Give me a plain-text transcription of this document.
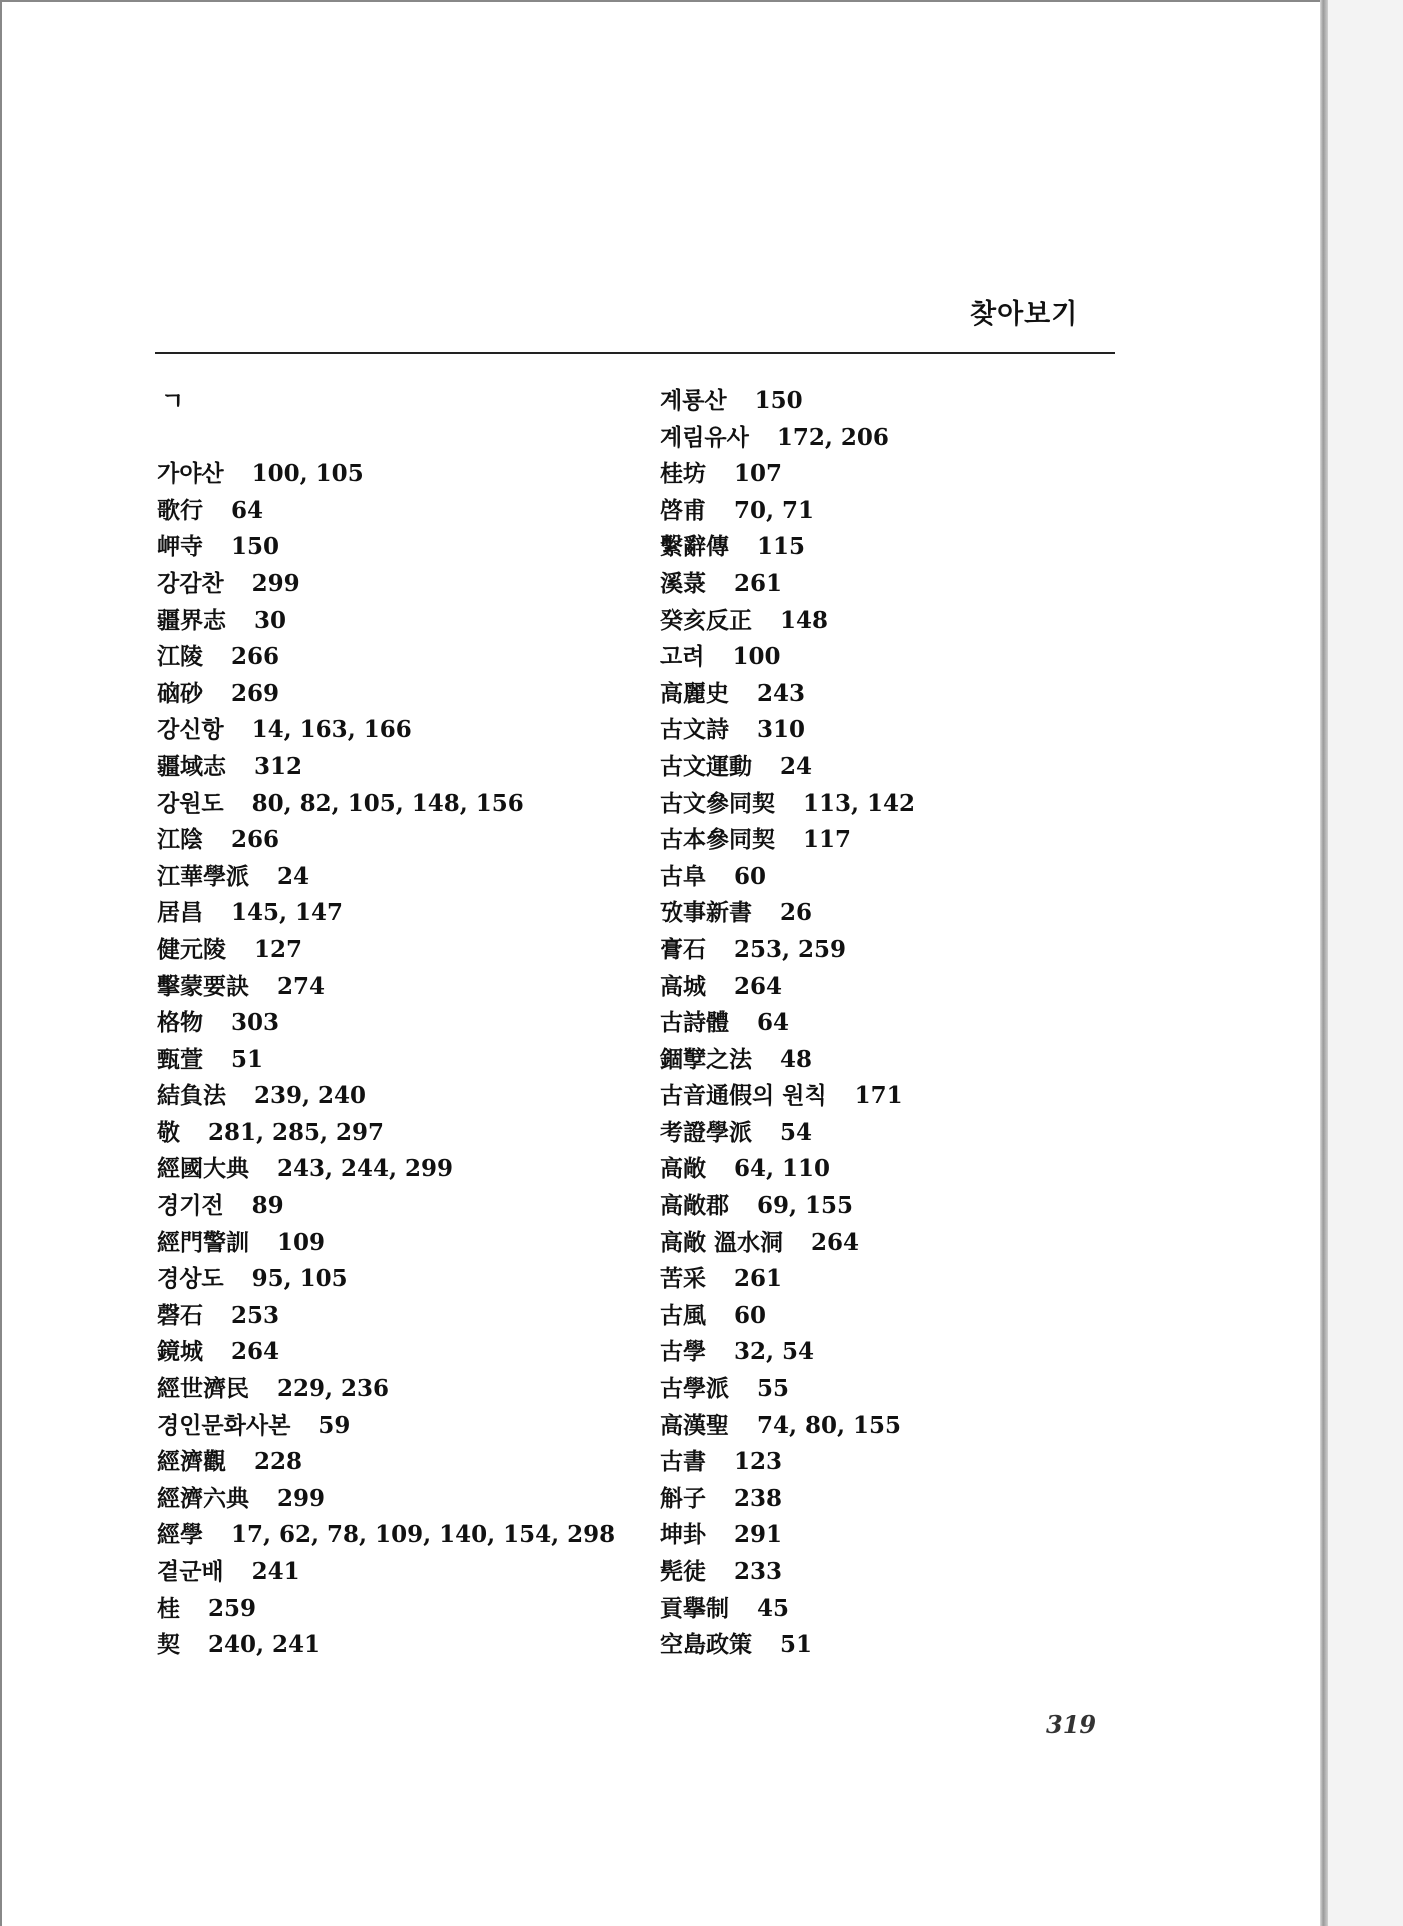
찾아보기
ㄱ
가야산 100, 105
歌行 64
岬寺 150
강감찬 299
疆界志 30
江陵 266
硇砂 269
강신항 14, 163, 166
疆域志 312
강원도 80, 82, 105, 148, 156
江陰 266
江華學派 24
居昌 145, 147
健元陵 127
擊蒙要訣 274
格物 303
甄萱 51
結負法 239, 240
敬 281, 285, 297
經國大典 243, 244, 299
경기전 89
經門警訓 109
경상도 95, 105
磬石 253
鏡城 264
經世濟民 229, 236
경인문화사본 59
經濟觀 228
經濟六典 299
經學 17, 62, 78, 109, 140, 154, 298
곁군배 241
桂 259
契 240, 241
계룡산 150
계림유사 172, 206
桂坊 107
啓甫 70, 71
繫辭傳 115
溪菉 261
癸亥反正 148
고려 100
高麗史 243
古文詩 310
古文運動 24
古文參同契 113, 142
古本參同契 117
古阜 60
攷事新書 26
膏石 253, 259
高城 264
古詩體 64
錮孼之法 48
古音通假의 원칙 171
考證學派 54
高敞 64, 110
高敞郡 69, 155
高敞 溫水洞 264
苦采 261
古風 60
古學 32, 54
古學派 55
高漢聖 74, 80, 155
古書 123
斛子 238
坤卦 291
髡徒 233
貢擧制 45
空島政策 51
319
